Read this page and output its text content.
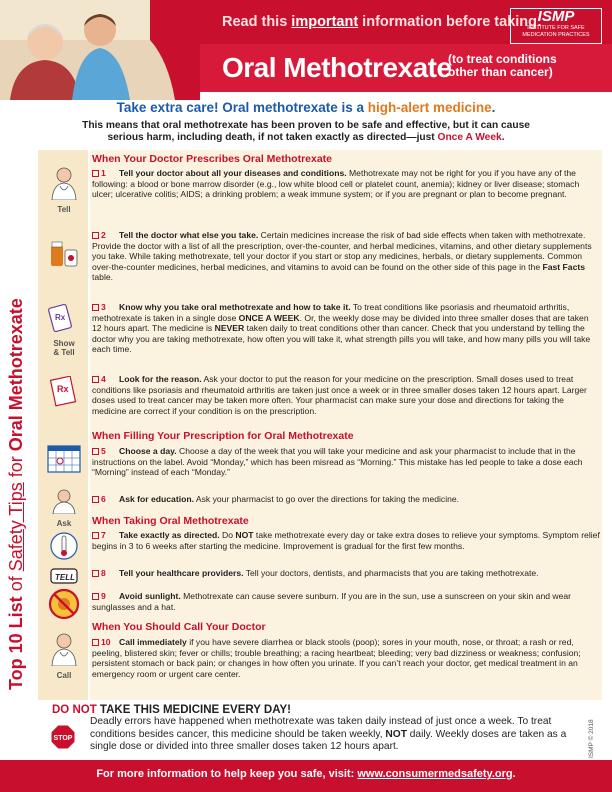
Read this important information before taking:
ISMP
INSTITUTE FOR SAFE
MEDICATION PRACTICES
Oral Methotrexate
(to treat conditions
other than cancer)
Take extra care! Oral methotrexate is a high-alert medicine.
This means that oral methotrexate has been proven to be safe and effective, but it can cause serious harm, including death, if not taken exactly as directed—just Once A Week.
Top 10 List of Safety Tips for Oral Methotrexate
Tell
Rx
Show
& Tell
Rx
Ask
TELL
Call
When Your Doctor Prescribes Oral Methotrexate
When Filling Your Prescription for Oral Methotrexate
When Taking Oral Methotrexate
When You Should Call Your Doctor
1 Tell your doctor about all your diseases and conditions. Methotrexate may not be right for you if you have any of the following: a blood or bone marrow disorder (e.g., low white blood cell or platelet count, anemia); kidney or liver disease; stomach ulcer; ulcerative colitis; AIDS; a drinking problem; a weak immune system; or if you are pregnant or plan to become pregnant.
2 Tell the doctor what else you take. Certain medicines increase the risk of bad side effects when taken with methotrexate. Provide the doctor with a list of all the prescription, over-the-counter, and herbal medicines, vitamins, and other dietary supplements you take. While taking methotrexate, tell your doctor if you start or stop any medicines, herbals, or dietary supplements. Common over-the-counter medicines, herbal medicines, and vitamins to avoid can be found on the other side of this page in the Fast Facts table.
3 Know why you take oral methotrexate and how to take it. To treat conditions like psoriasis and rheumatoid arthritis, methotrexate is taken in a single dose ONCE A WEEK. Or, the weekly dose may be divided into three smaller doses that are taken 12 hours apart. The medicine is NEVER taken daily to treat conditions other than cancer. Check that you understand by telling the doctor why you are taking methotrexate, how often you will take it, what strength pills you will take, and how many pills you will take each time.
4 Look for the reason. Ask your doctor to put the reason for your medicine on the prescription. Small doses used to treat conditions like psoriasis and rheumatoid arthritis are taken just once a week or in three smaller doses taken 12 hours apart. Larger doses used to treat cancer may be taken more often. Your pharmacist can make sure your dose and directions for taking the medicine are correct if your condition is on the prescription.
5 Choose a day. Choose a day of the week that you will take your medicine and ask your pharmacist to include that in the instructions on the label. Avoid “Monday,” which has been misread as “Morning.” This mistake has led people to take a dose each “Morning” instead of each “Monday.”
6 Ask for education. Ask your pharmacist to go over the directions for taking the medicine.
7 Take exactly as directed. Do NOT take methotrexate every day or take extra doses to relieve your symptoms. Symptom relief begins in 3 to 6 weeks after starting the medicine. Improvement is gradual for the first few months.
8 Tell your healthcare providers. Tell your doctors, dentists, and pharmacists that you are taking methotrexate.
9 Avoid sunlight. Methotrexate can cause severe sunburn. If you are in the sun, use a sunscreen on your skin and wear sunglasses and a hat.
10 Call immediately if you have severe diarrhea or black stools (poop); sores in your mouth, nose, or throat; a rash or red, peeling, blistered skin; fever or chills; trouble breathing; a racing heartbeat; bleeding; very bad dizziness or weakness; confusion; persistent stomach or back pain; or changes in how often you urinate. If you can’t reach your doctor, get medical treatment in an emergency room or urgent care center.
DO NOT TAKE THIS MEDICINE EVERY DAY!
STOP
Deadly errors have happened when methotrexate was taken daily instead of just once a week. To treat conditions besides cancer, this medicine should be taken weekly, NOT daily. Weekly doses are taken as a single dose or divided into three smaller doses taken 12 hours apart.	ISMP © 2018
For more information to help keep you safe, visit: www.consumermedsafety.org.
